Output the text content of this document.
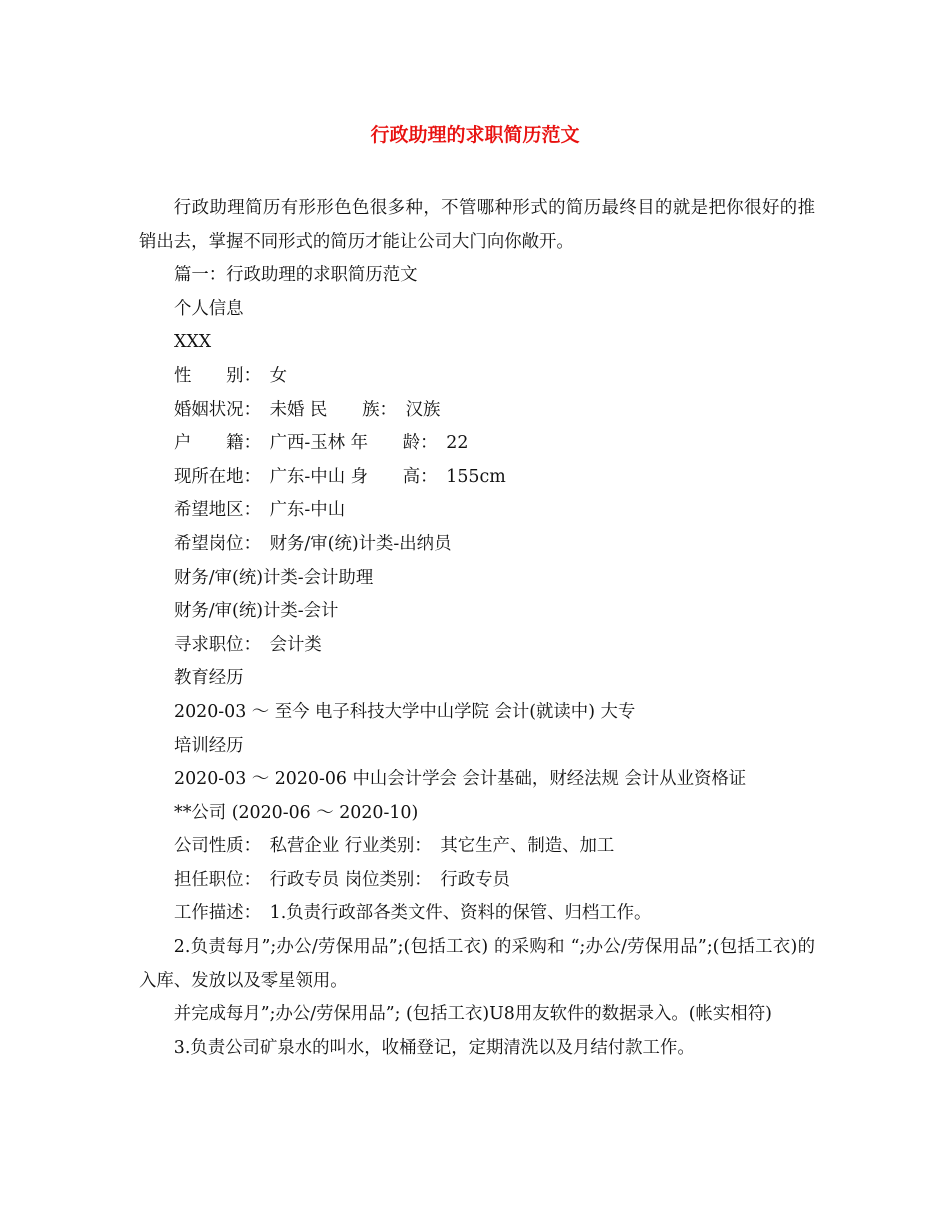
行政助理的求职简历范文

行政助理简历有形形色色很多种，不管哪种形式的简历最终目的就是把你很好的推销出去，掌握不同形式的简历才能让公司大门向你敞开。

篇一：行政助理的求职简历范文
个人信息
XXX
性　　别：　女
婚姻状况：　未婚 民　　族：　汉族
户　　籍：　广西-玉林 年　　龄：　22
现所在地：　广东-中山 身　　高：　155cm
希望地区：　广东-中山
希望岗位：　财务/审(统)计类-出纳员
财务/审(统)计类-会计助理
财务/审(统)计类-会计
寻求职位：　会计类
教育经历
2020-03 ～ 至今 电子科技大学中山学院 会计(就读中) 大专
培训经历
2020-03 ～ 2020-06 中山会计学会 会计基础，财经法规 会计从业资格证
**公司 (2020-06 ～ 2020-10)
公司性质：　私营企业 行业类别：　其它生产、制造、加工
担任职位：　行政专员 岗位类别：　行政专员
工作描述：　1.负责行政部各类文件、资料的保管、归档工作。

2.负责每月”;办公/劳保用品”;(包括工衣) 的采购和 “;办公/劳保用品”;(包括工衣)的入库、发放以及零星领用。

并完成每月”;办公/劳保用品”; (包括工衣)U8用友软件的数据录入。(帐实相符)

3.负责公司矿泉水的叫水，收桶登记，定期清洗以及月结付款工作。
